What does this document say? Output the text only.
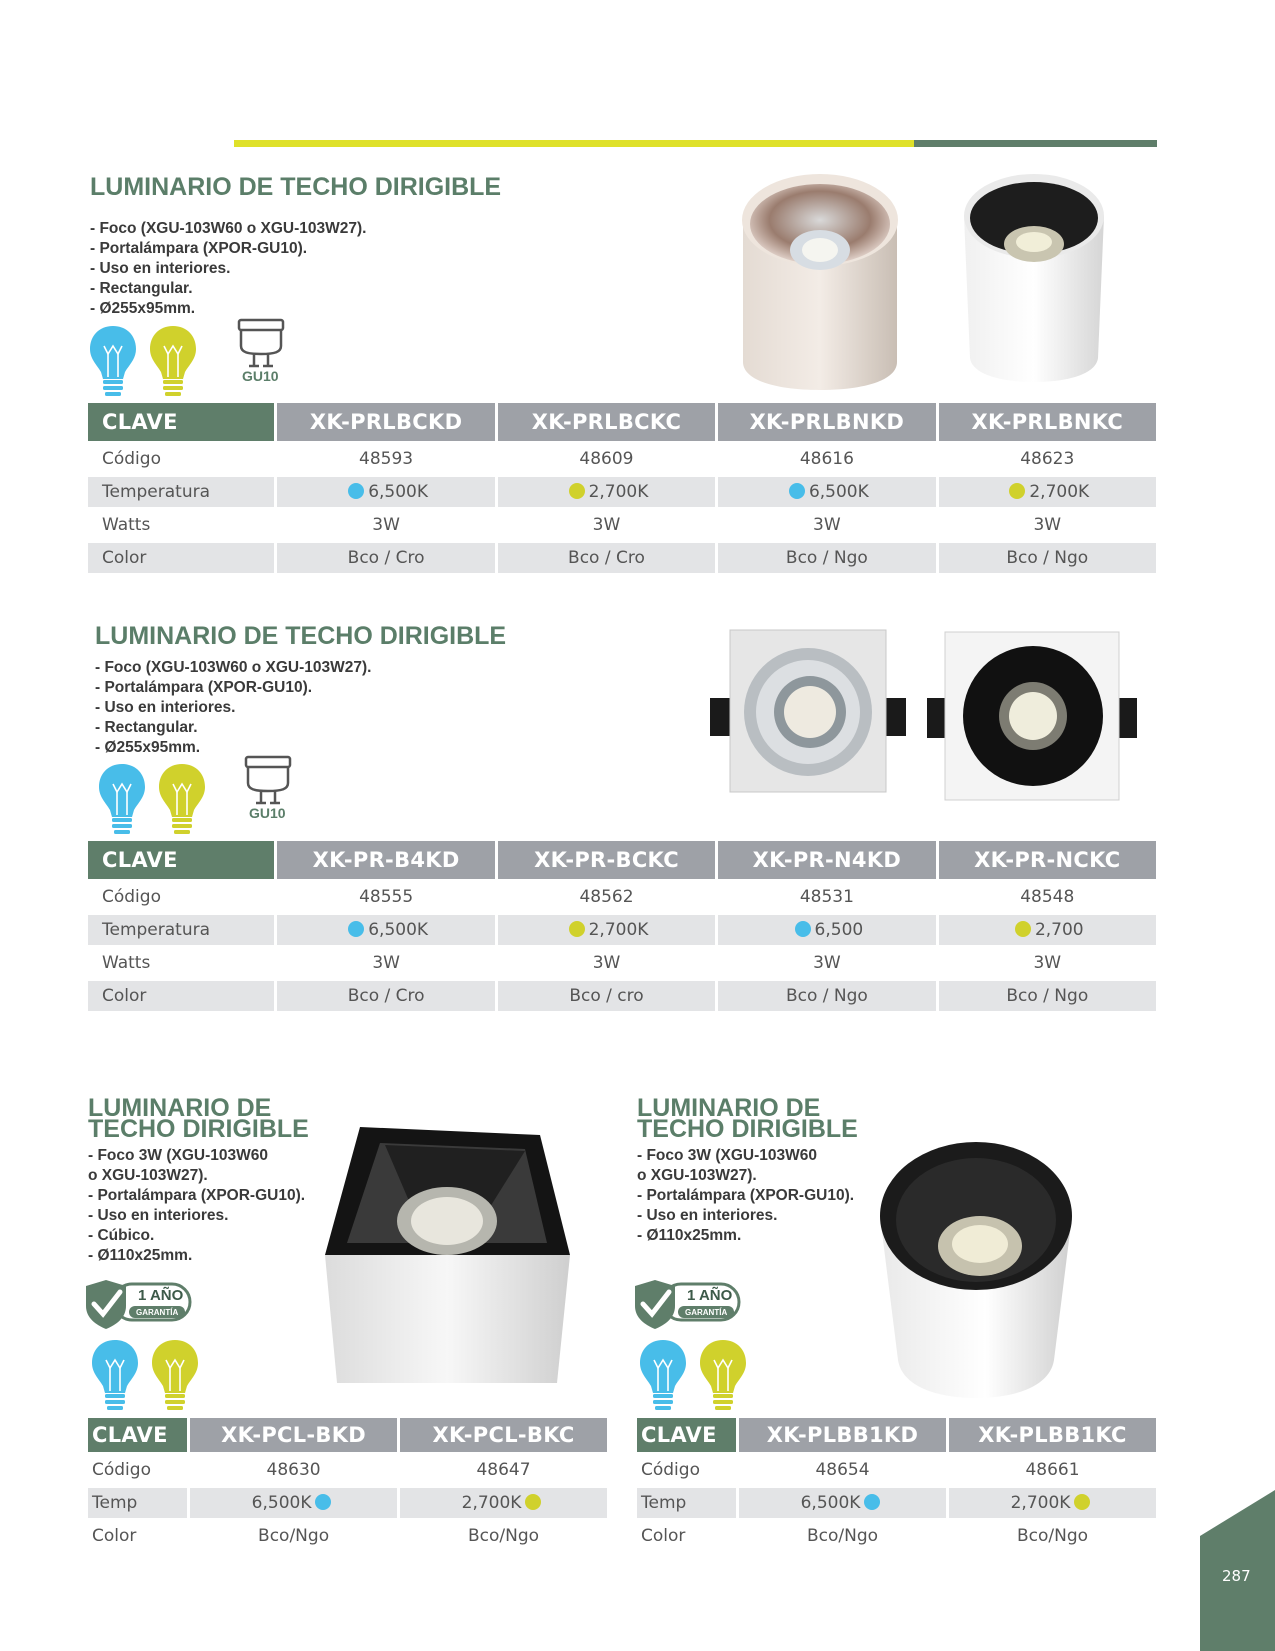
LUMINARIO DE TECHO DIRIGIBLE
- Foco (XGU-103W60 o XGU-103W27).
- Portalámpara (XPOR-GU10).
- Uso en interiores.
- Rectangular.
- Ø255x95mm.
GU10
CLAVE	XK-PRLBCKD	XK-PRLBCKC	XK-PRLBNKD	XK-PRLBNKC
Código	48593	48609	48616	48623
Temperatura	6,500K	2,700K	6,500K	2,700K
Watts	3W	3W	3W	3W
Color	Bco / Cro	Bco / Cro	Bco / Ngo	Bco / Ngo
LUMINARIO DE TECHO DIRIGIBLE
- Foco (XGU-103W60 o XGU-103W27).
- Portalámpara (XPOR-GU10).
- Uso en interiores.
- Rectangular.
- Ø255x95mm.
GU10
CLAVE	XK-PR-B4KD	XK-PR-BCKC	XK-PR-N4KD	XK-PR-NCKC
Código	48555	48562	48531	48548
Temperatura	6,500K	2,700K	6,500	2,700
Watts	3W	3W	3W	3W
Color	Bco / Cro	Bco / cro	Bco / Ngo	Bco / Ngo
LUMINARIO DE
TECHO DIRIGIBLE
- Foco 3W (XGU-103W60
o XGU-103W27).
- Portalámpara (XPOR-GU10).
- Uso en interiores.
- Cúbico.
- Ø110x25mm.
1 AÑO
GARANTÍA
CLAVE	XK-PCL-BKD	XK-PCL-BKC
Código	48630	48647
Temp	6,500K	2,700K
Color	Bco/Ngo	Bco/Ngo
LUMINARIO DE
TECHO DIRIGIBLE
- Foco 3W (XGU-103W60
o XGU-103W27).
- Portalámpara (XPOR-GU10).
- Uso en interiores.
- Ø110x25mm.
1 AÑO
GARANTÍA
CLAVE	XK-PLBB1KD	XK-PLBB1KC
Código	48654	48661
Temp	6,500K	2,700K
Color	Bco/Ngo	Bco/Ngo
287
